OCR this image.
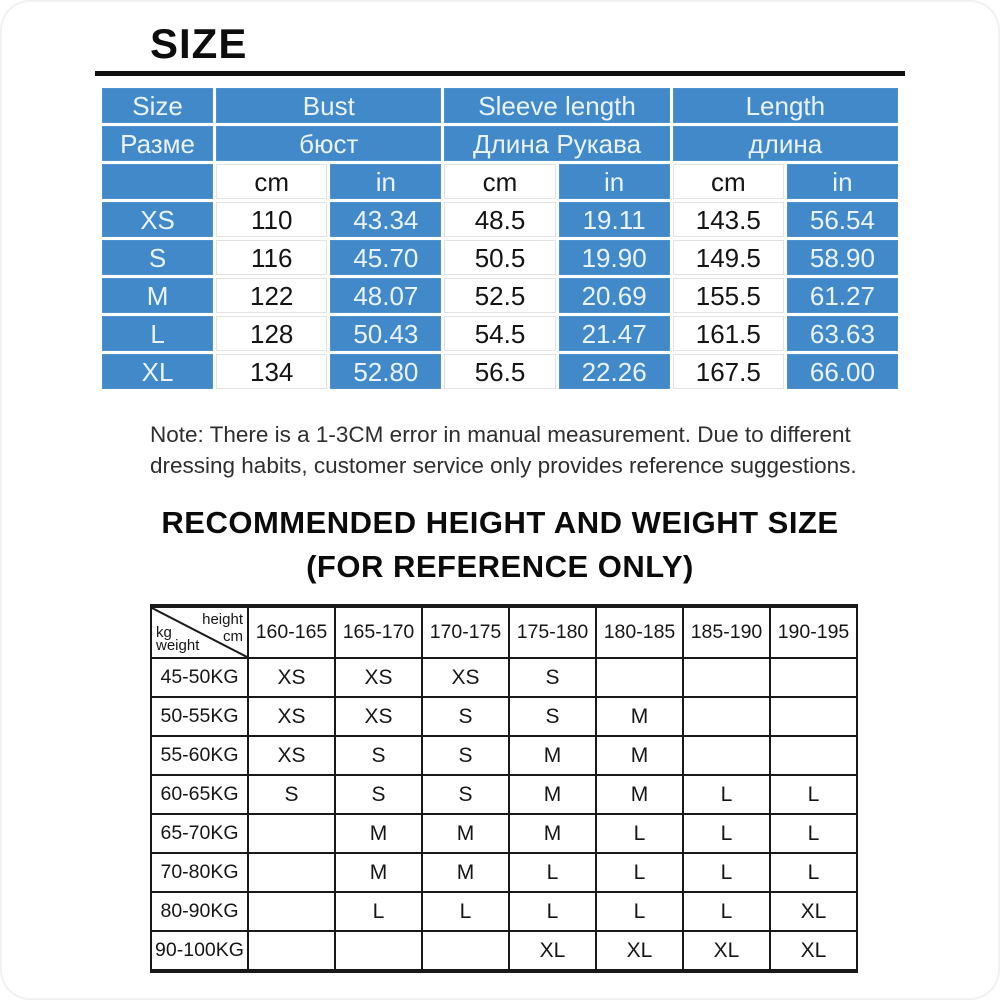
SIZE
Size	Bust		Sleeve length		Length	
Разме	бюст		Длина Рукава		длина	
	cm	in	cm	in	cm	in
XS	110	43.34	48.5	19.11	143.5	56.54
S	116	45.70	50.5	19.90	149.5	58.90
M	122	48.07	52.5	20.69	155.5	61.27
L	128	50.43	54.5	21.47	161.5	63.63
XL	134	52.80	56.5	22.26	167.5	66.00
Note: There is a 1-3CM error in manual measurement. Due to different
dressing habits, customer service only provides reference suggestions.
RECOMMENDED HEIGHT AND WEIGHT SIZE
(FOR REFERENCE ONLY)
height
cm
kg
weight	160-165	165-170	170-175	175-180	180-185	185-190	190-195
45-50KG	XS	XS	XS	S			
50-55KG	XS	XS	S	S	M		
55-60KG	XS	S	S	M	M		
60-65KG	S	S	S	M	M	L	L
65-70KG		M	M	M	L	L	L
70-80KG		M	M	L	L	L	L
80-90KG		L	L	L	L	L	XL
90-100KG				XL	XL	XL	XL
